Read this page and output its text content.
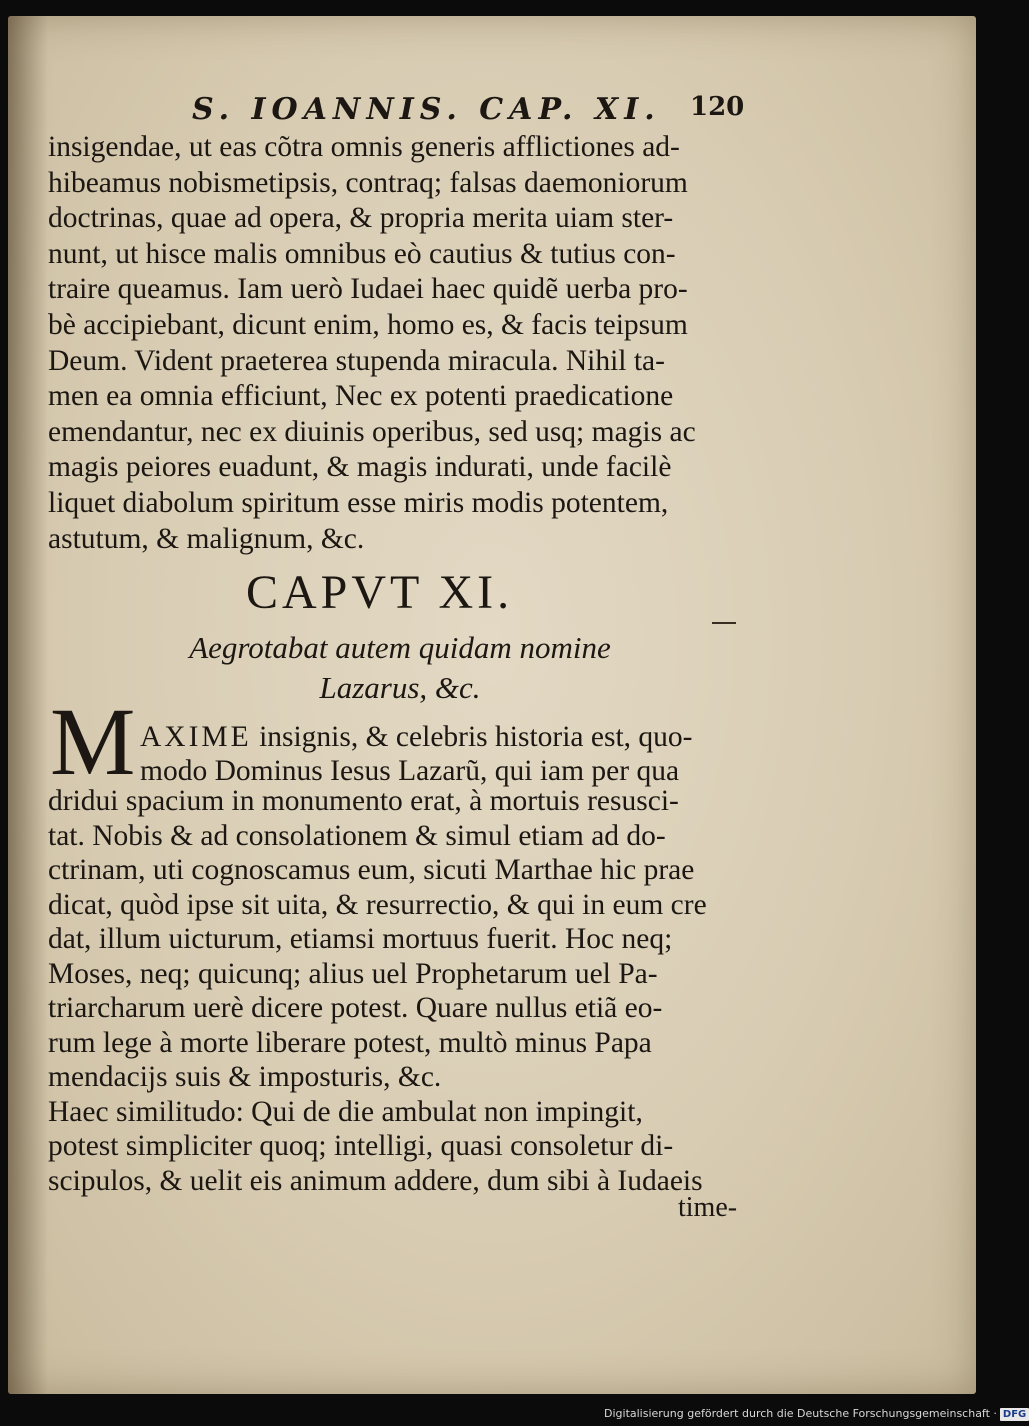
S. IOANNIS. CAP. XI.	120
insigendae, ut eas cõtra omnis generis afflictiones ad-
hibeamus nobismetipsis, contraq; falsas daemoniorum
doctrinas, quae ad opera, & propria merita uiam ster-
nunt, ut hisce malis omnibus eò cautius & tutius con-
traire queamus. Iam uerò Iudaei haec quidẽ uerba pro-
bè accipiebant, dicunt enim, homo es, & facis teipsum
Deum. Vident praeterea stupenda miracula. Nihil ta-
men ea omnia efficiunt, Nec ex potenti praedicatione
emendantur, nec ex diuinis operibus, sed usq; magis ac
magis peiores euadunt, & magis indurati, unde facilè
liquet diabolum spiritum esse miris modis potentem,
astutum, & malignum, &c.
CAPVT XI.
Aegrotabat autem quidam nomine
Lazarus, &c.
M AXIME insignis, & celebris historia est, quo-
modo Dominus Iesus Lazarũ, qui iam per qua
dridui spacium in monumento erat, à mortuis resusci-
tat. Nobis & ad consolationem & simul etiam ad do-
ctrinam, uti cognoscamus eum, sicuti Marthae hic prae
dicat, quòd ipse sit uita, & resurrectio, & qui in eum cre
dat, illum uicturum, etiamsi mortuus fuerit. Hoc neq;
Moses, neq; quicunq; alius uel Prophetarum uel Pa-
triarcharum uerè dicere potest. Quare nullus etiã eo-
rum lege à morte liberare potest, multò minus Papa
mendacijs suis & imposturis, &c.
Haec similitudo: Qui de die ambulat non impingit,
potest simpliciter quoq; intelligi, quasi consoletur di-
scipulos, & uelit eis animum addere, dum sibi à Iudaeis
time-
Digitalisierung gefördert durch die Deutsche Forschungsgemeinschaft · DFG
